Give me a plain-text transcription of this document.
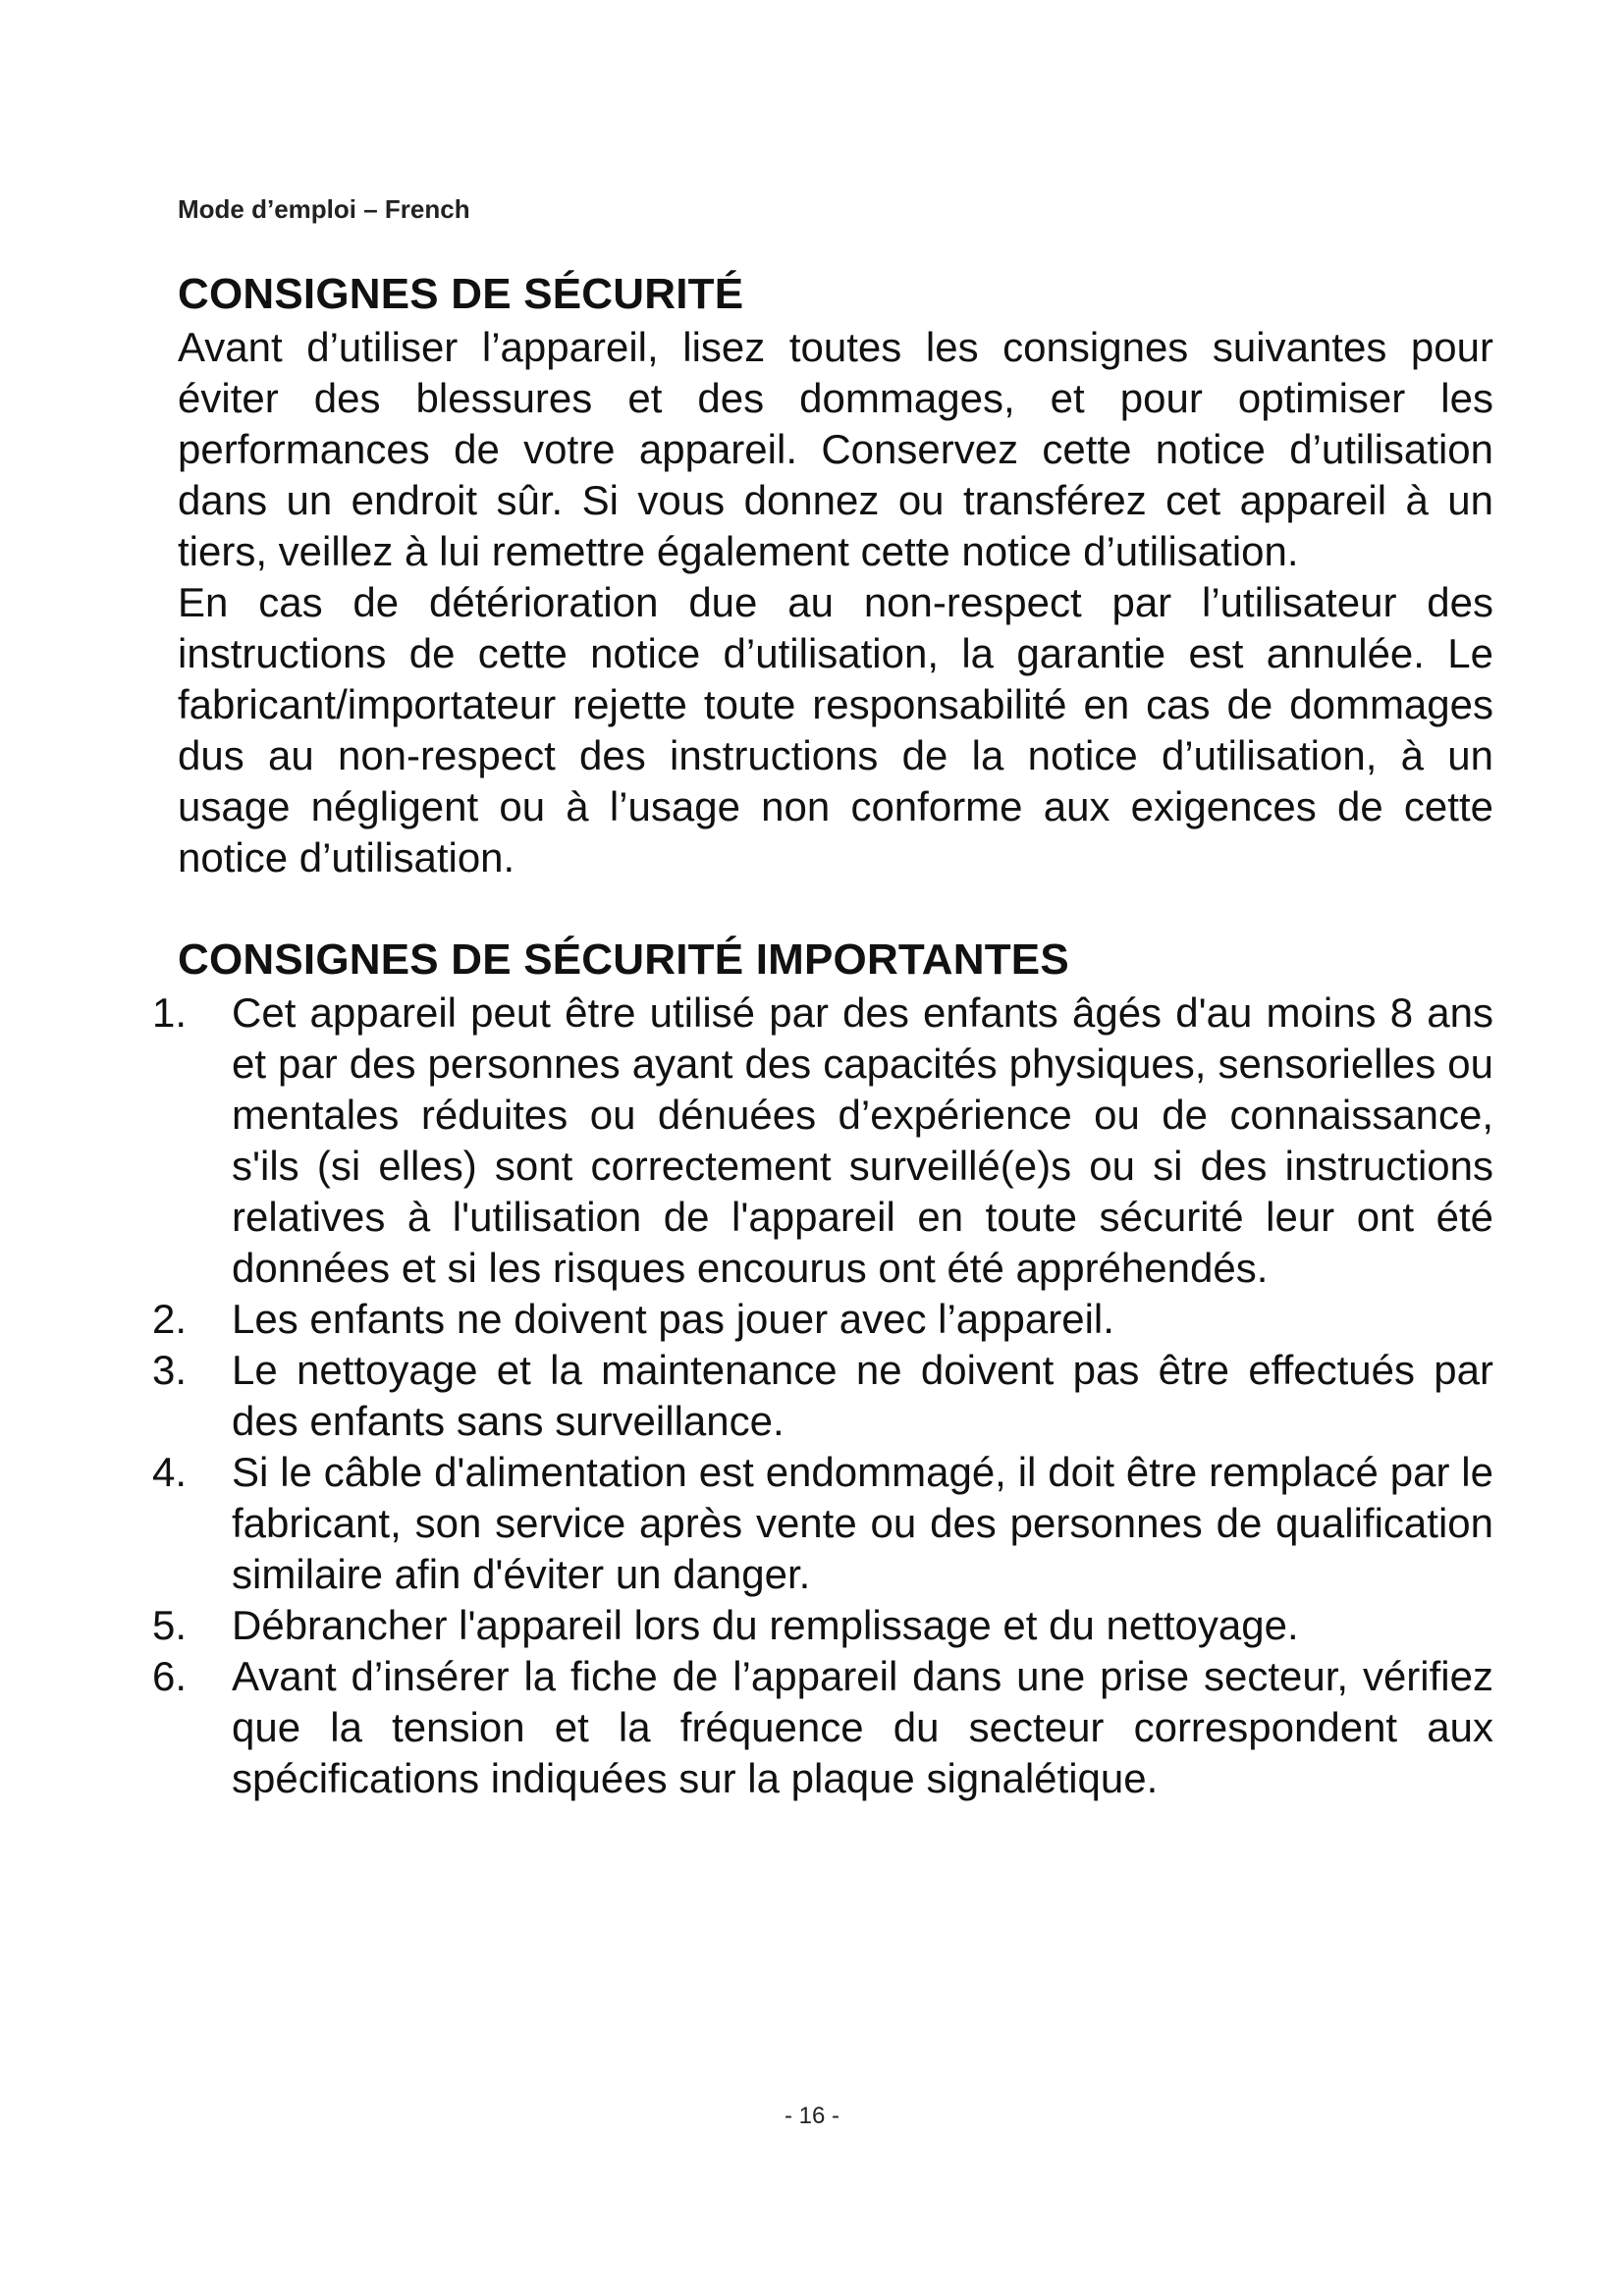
Mode d’emploi – French
CONSIGNES DE SÉCURITÉ

Avant d’utiliser l’appareil, lisez toutes les consignes suivantes pour éviter des blessures et des dommages, et pour optimiser les performances de votre appareil. Conservez cette notice d’utilisation dans un endroit sûr. Si vous donnez ou transférez cet appareil à un tiers, veillez à lui remettre également cette notice d’utilisation.

En cas de détérioration due au non-respect par l’utilisateur des instructions de cette notice d’utilisation, la garantie est annulée. Le fabricant/importateur rejette toute responsabilité en cas de dommages dus au non-respect des instructions de la notice d’utilisation, à un usage négligent ou à l’usage non conforme aux exigences de cette notice d’utilisation.

CONSIGNES DE SÉCURITÉ IMPORTANTES
1.	Cet appareil peut être utilisé par des enfants âgés d'au moins 8 ans et par des personnes ayant des capacités physiques, sensorielles ou mentales réduites ou dénuées d’expérience ou de connaissance, s'ils (si elles) sont correctement surveillé(e)s ou si des instructions relatives à l'utilisation de l'appareil en toute sécurité leur ont été données et si les risques encourus ont été appréhendés.
2.	Les enfants ne doivent pas jouer avec l’appareil.
3.	Le nettoyage et la maintenance ne doivent pas être effectués par des enfants sans surveillance.
4.	Si le câble d'alimentation est endommagé, il doit être remplacé par le fabricant, son service après vente ou des personnes de qualification similaire afin d'éviter un danger.
5.	Débrancher l'appareil lors du remplissage et du nettoyage.
6.	Avant d’insérer la fiche de l’appareil dans une prise secteur, vérifiez que la tension et la fréquence du secteur correspondent aux spécifications indiquées sur la plaque signalétique.
- 16 -
